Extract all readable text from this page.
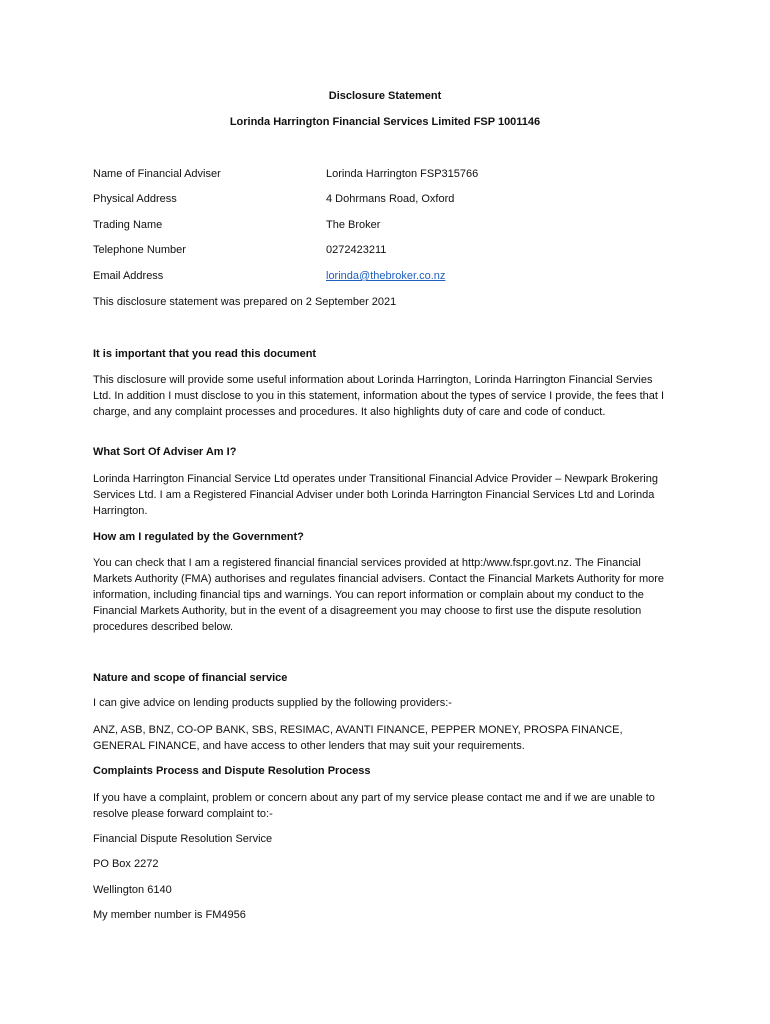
Disclosure Statement
Lorinda Harrington Financial Services Limited FSP 1001146
Name of Financial Adviser	Lorinda Harrington FSP315766
Physical Address	4 Dohrmans Road, Oxford
Trading Name	The Broker
Telephone Number	0272423211
Email Address	lorinda@thebroker.co.nz
This disclosure statement was prepared on 2 September 2021
It is important that you read this document

This disclosure will provide some useful information about Lorinda Harrington, Lorinda Harrington Financial Servies Ltd. In addition I must disclose to you in this statement, information about the types of service I provide, the fees that I charge, and any complaint processes and procedures. It also highlights duty of care and code of conduct.

What Sort Of Adviser Am I?

Lorinda Harrington Financial Service Ltd operates under Transitional Financial Advice Provider – Newpark Brokering Services Ltd. I am a Registered Financial Adviser under both Lorinda Harrington Financial Services Ltd and Lorinda Harrington.

How am I regulated by the Government?

You can check that I am a registered financial financial services provided at http:/www.fspr.govt.nz. The Financial Markets Authority (FMA) authorises and regulates financial advisers. Contact the Financial Markets Authority for more information, including financial tips and warnings. You can report information or complain about my conduct to the Financial Markets Authority, but in the event of a disagreement you may choose to first use the dispute resolution procedures described below.

Nature and scope of financial service
I can give advice on lending products supplied by the following providers:-

ANZ, ASB, BNZ, CO-OP BANK, SBS, RESIMAC, AVANTI FINANCE, PEPPER MONEY, PROSPA FINANCE, GENERAL FINANCE, and have access to other lenders that may suit your requirements.

Complaints Process and Dispute Resolution Process

If you have a complaint, problem or concern about any part of my service please contact me and if we are unable to resolve please forward complaint to:-

Financial Dispute Resolution Service
PO Box 2272
Wellington 6140
My member number is FM4956
